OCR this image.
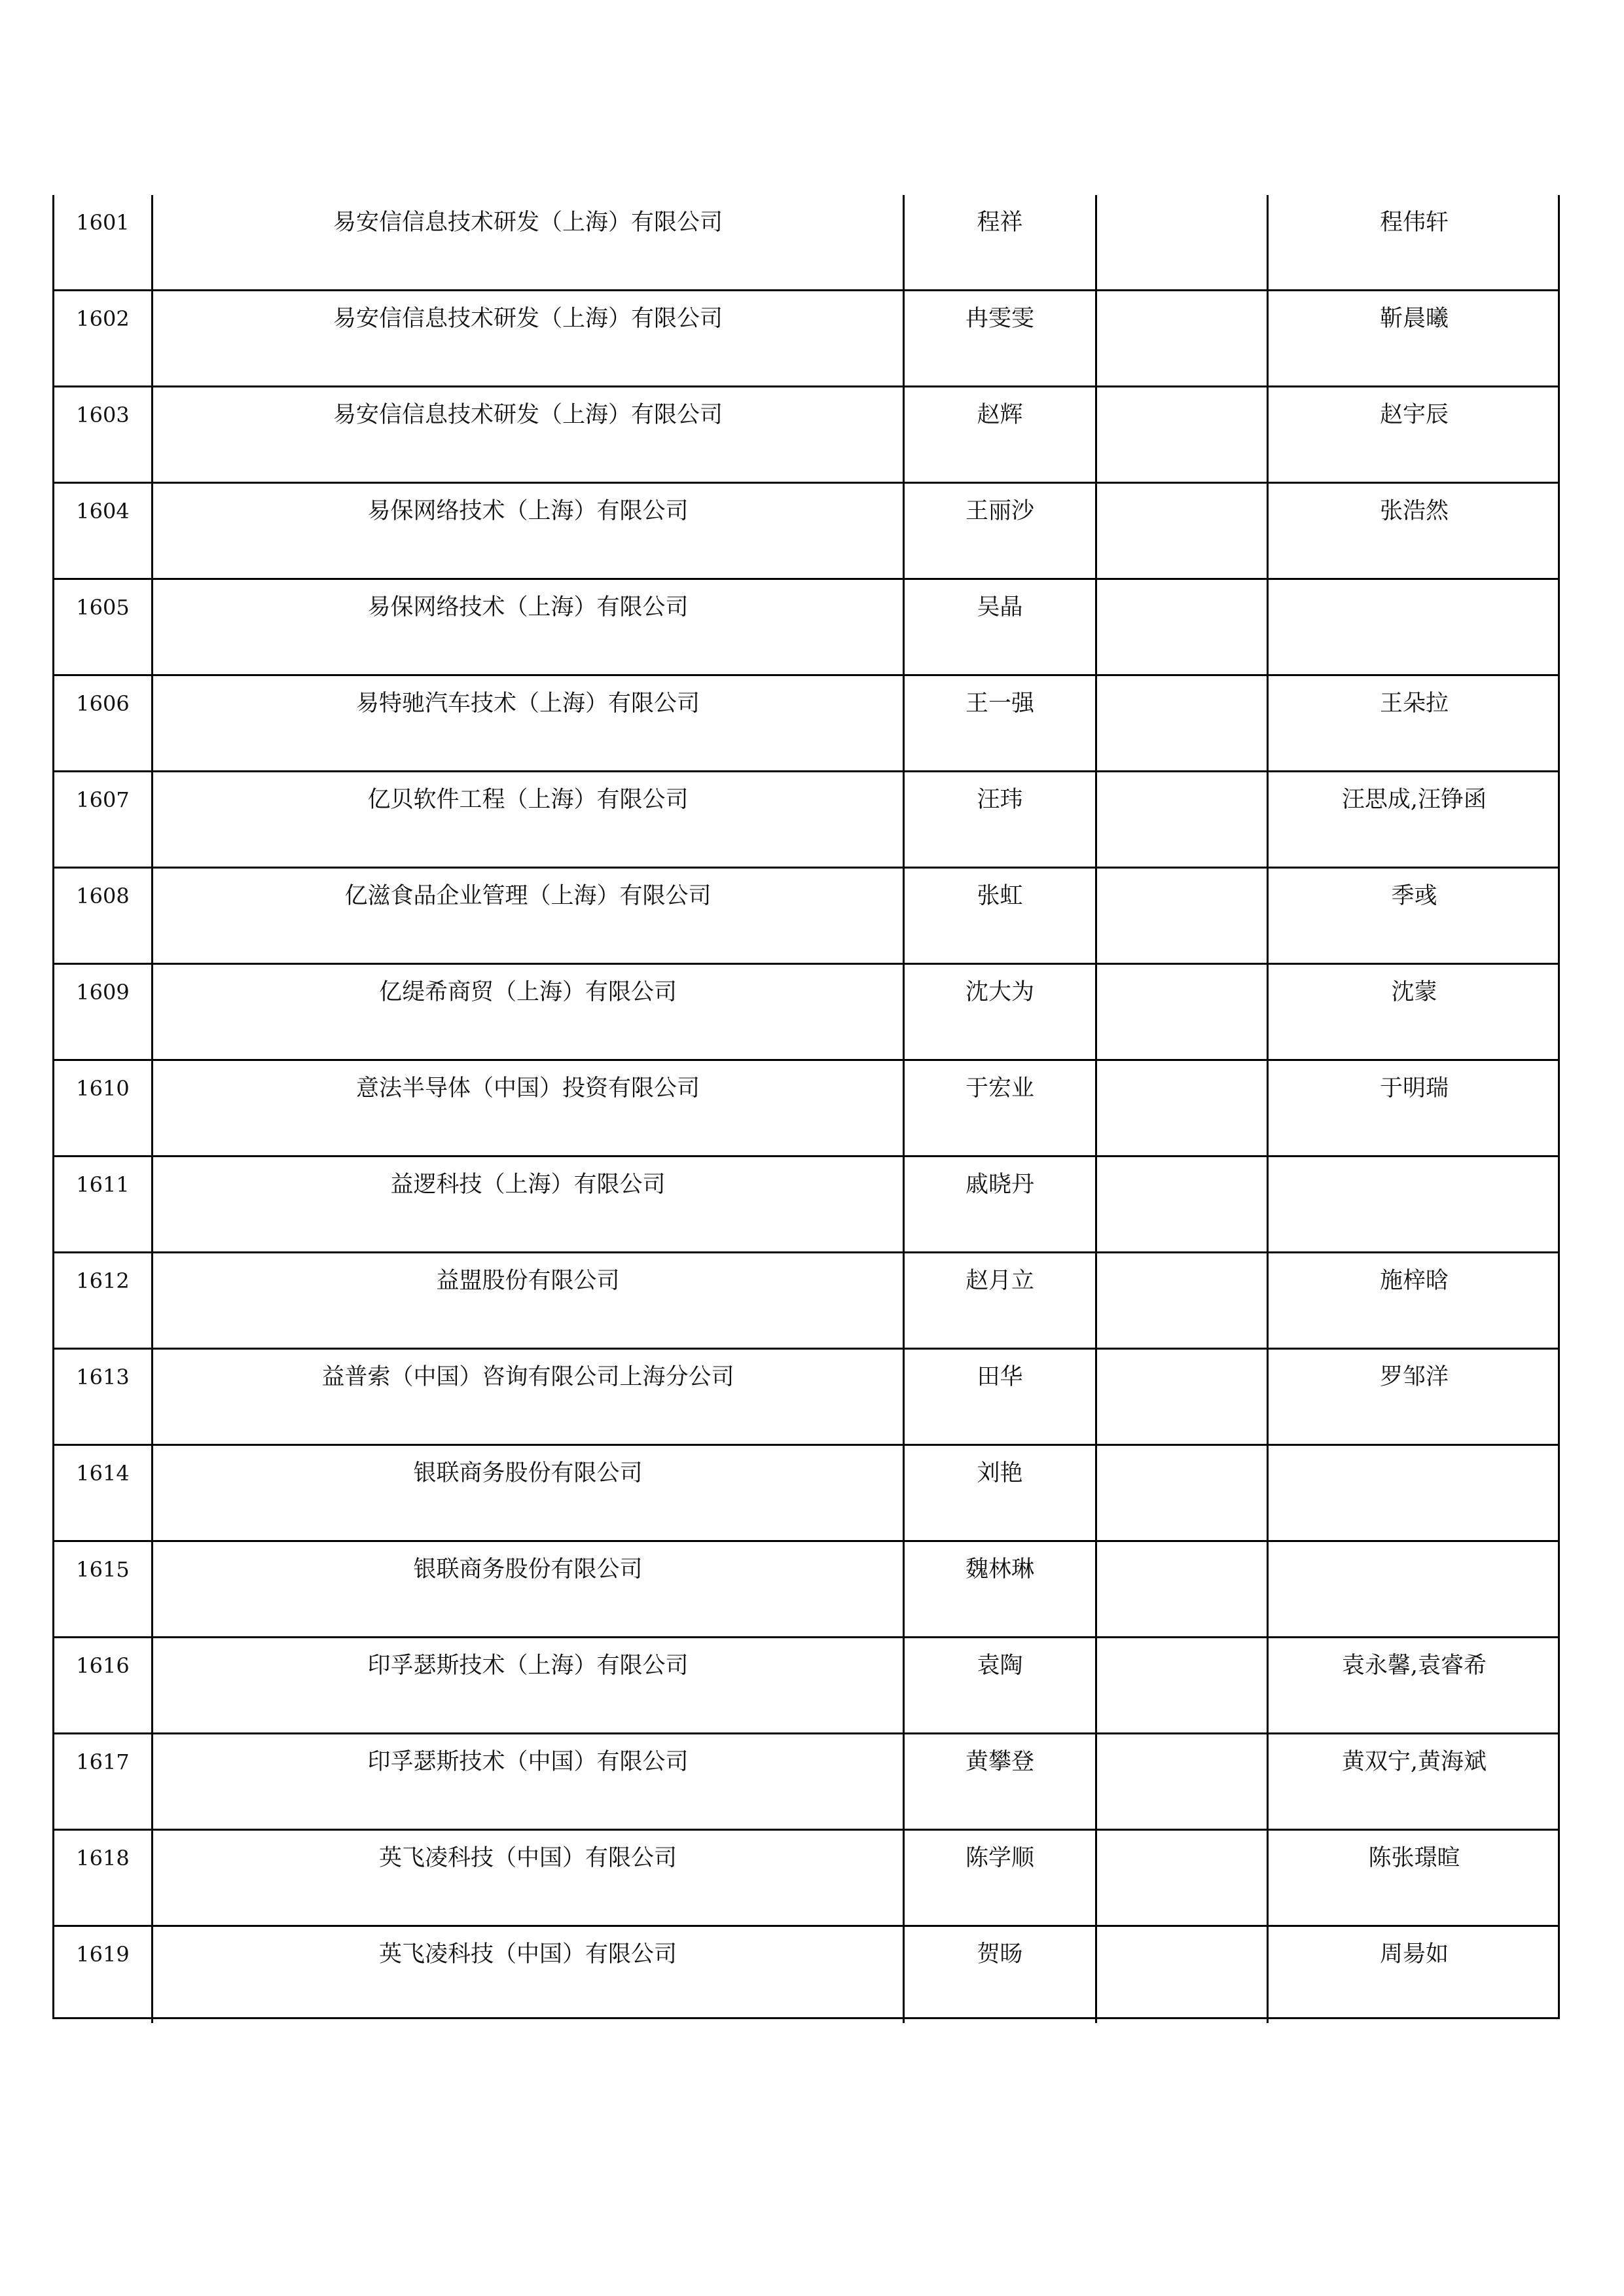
1601	易安信信息技术研发（上海）有限公司	程祥	程伟轩
1602	易安信信息技术研发（上海）有限公司	冉雯雯	靳晨曦
1603	易安信信息技术研发（上海）有限公司	赵辉	赵宇辰
1604	易保网络技术（上海）有限公司	王丽沙	张浩然
1605	易保网络技术（上海）有限公司	吴晶
1606	易特驰汽车技术（上海）有限公司	王一强	王朵拉
1607	亿贝软件工程（上海）有限公司	汪玮	汪思成,汪铮函
1608	亿滋食品企业管理（上海）有限公司	张虹	季彧
1609	亿缇希商贸（上海）有限公司	沈大为	沈蒙
1610	意法半导体（中国）投资有限公司	于宏业	于明瑞
1611	益逻科技（上海）有限公司	戚晓丹
1612	益盟股份有限公司	赵月立	施梓晗
1613	益普索（中国）咨询有限公司上海分公司	田华	罗邹洋
1614	银联商务股份有限公司	刘艳
1615	银联商务股份有限公司	魏林琳
1616	印孚瑟斯技术（上海）有限公司	袁陶	袁永馨,袁睿希
1617	印孚瑟斯技术（中国）有限公司	黄攀登	黄双宁,黄海斌
1618	英飞凌科技（中国）有限公司	陈学顺	陈张璟暄
1619	英飞凌科技（中国）有限公司	贺旸	周昜如
